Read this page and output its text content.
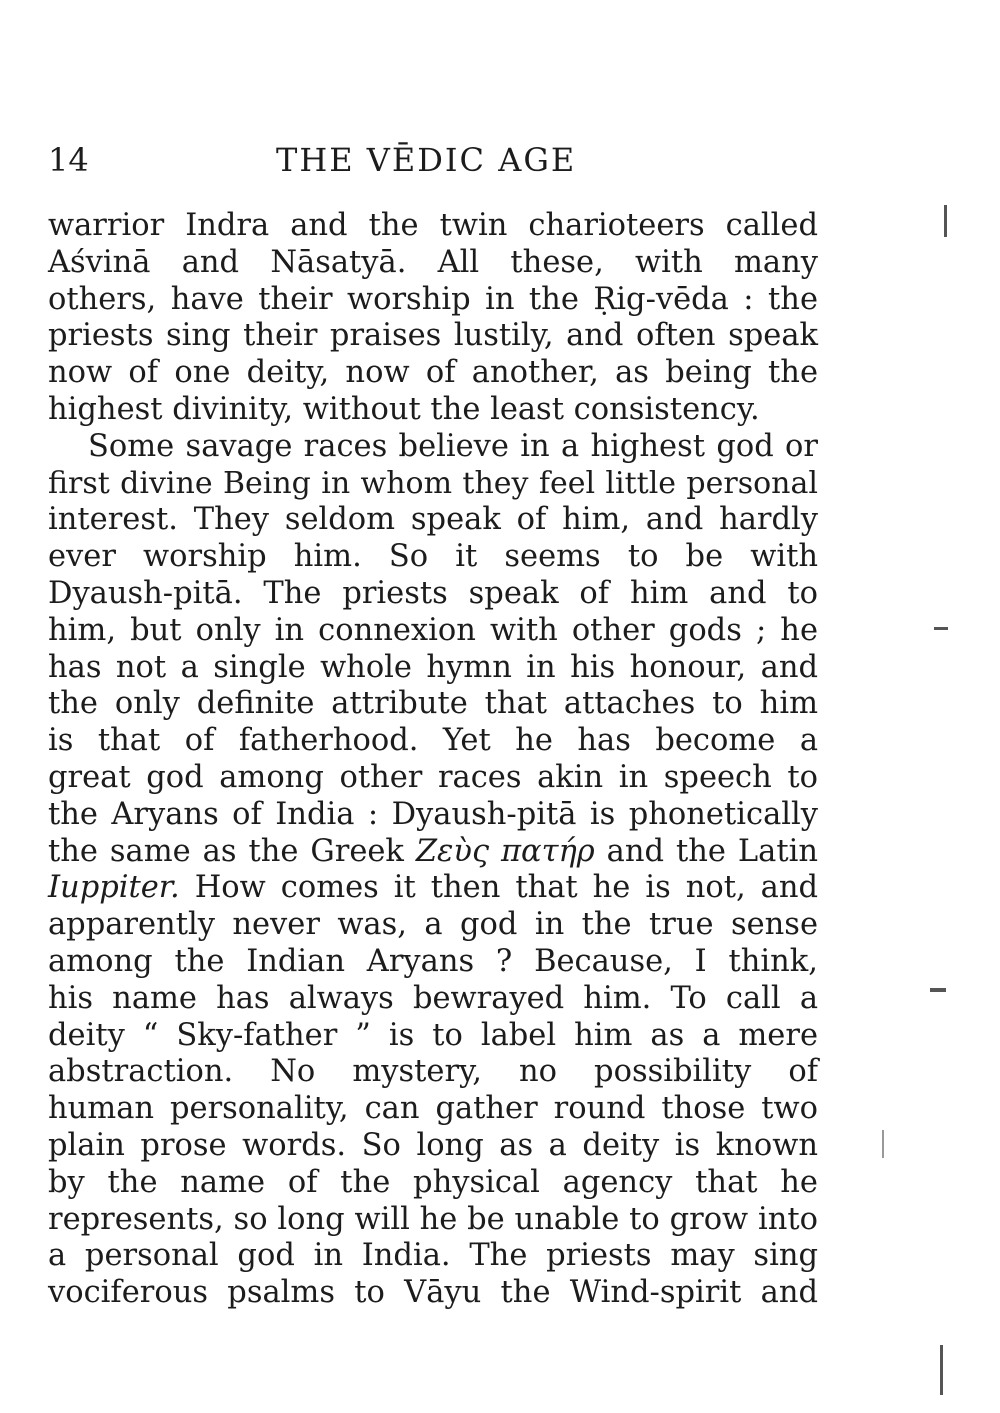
14	THE VĒDIC AGE
warrior Indra and the twin charioteers called
Aśvinā and Nāsatyā. All these, with many
others, have their worship in the Ṛig-vēda : the
priests sing their praises lustily, and often speak
now of one deity, now of another, as being the
highest divinity, without the least consistency.
Some savage races believe in a highest god or
first divine Being in whom they feel little personal
interest. They seldom speak of him, and hardly
ever worship him. So it seems to be with
Dyaush-pitā. The priests speak of him and to
him, but only in connexion with other gods ; he
has not a single whole hymn in his honour, and
the only definite attribute that attaches to him
is that of fatherhood. Yet he has become a
great god among other races akin in speech to
the Aryans of India : Dyaush-pitā is phonetically
the same as the Greek Ζεὺς πατήρ and the Latin
Iuppiter. How comes it then that he is not, and
apparently never was, a god in the true sense
among the Indian Aryans ? Because, I think,
his name has always bewrayed him. To call a
deity “ Sky-father ” is to label him as a mere
abstraction. No mystery, no possibility of
human personality, can gather round those two
plain prose words. So long as a deity is known
by the name of the physical agency that he
represents, so long will he be unable to grow into
a personal god in India. The priests may sing
vociferous psalms to Vāyu the Wind-spirit and
